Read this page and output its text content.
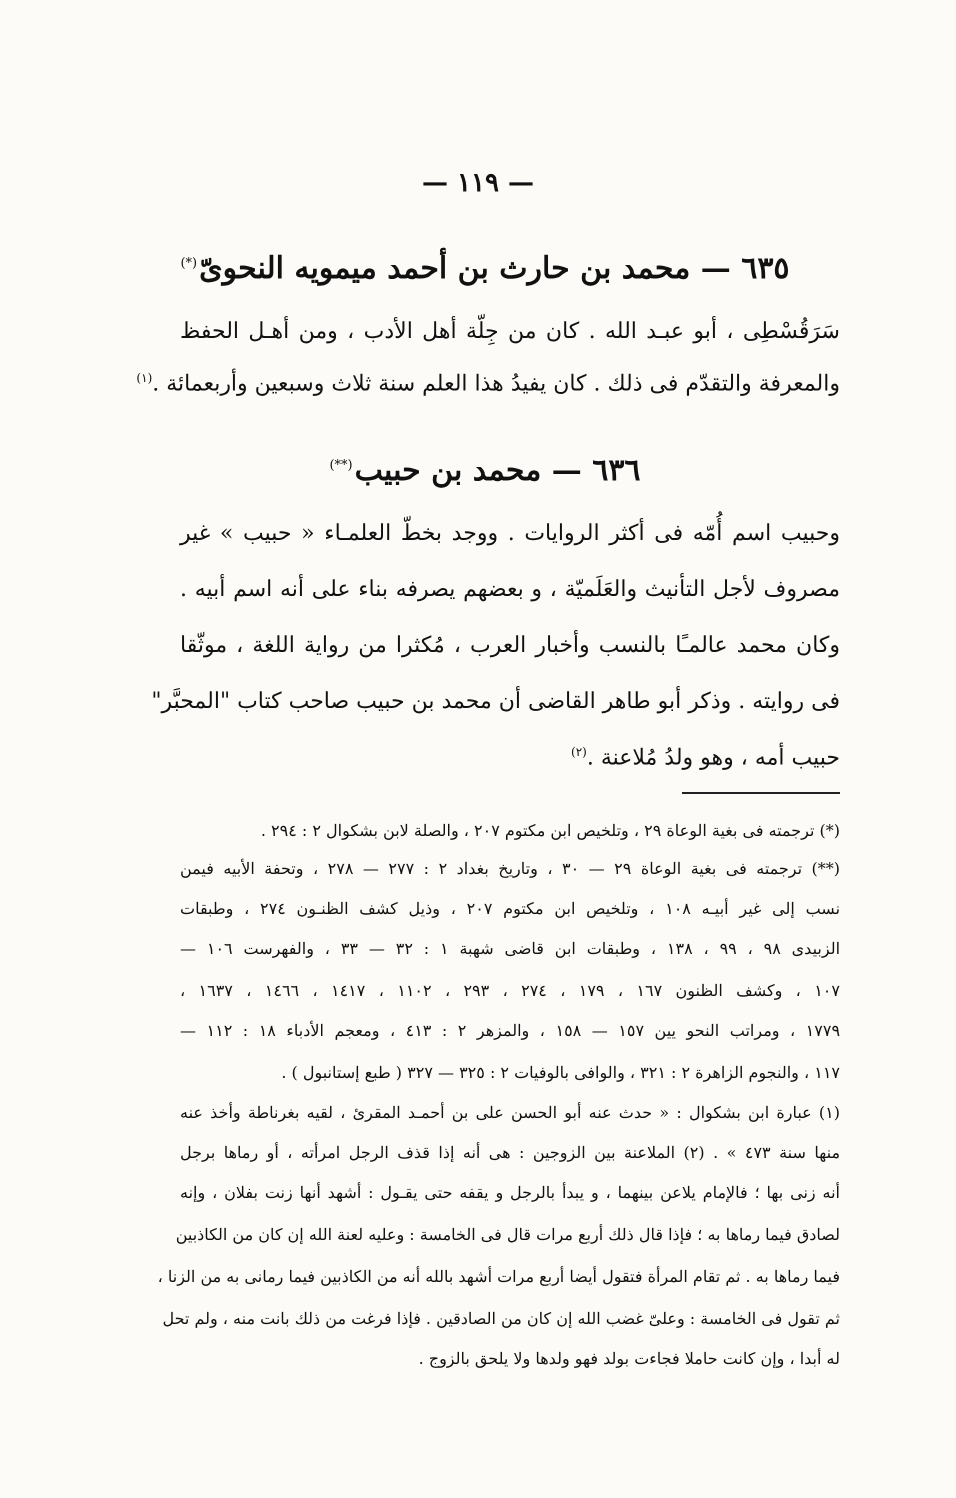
— ١١٩ —
٦٣٥ — محمد بن حارث بن أحمد ميمويه النحوىّ(*)
سَرَقُسْطِى ، أبو عبـد الله . كان من جِلّة أهل الأدب ، ومن أهـل الحفظ
والمعرفة والتقدّم فى ذلك . كان يفيدُ هذا العلم سنة ثلاث وسبعين وأربعمائة .$^{(١)}$
٦٣٦ — محمد بن حبيب(**)
وحبيب اسم أُمّه فى أكثر الروايات . ووجد بخطّ العلمـاء « حبيب » غير
مصروف لأجل التأنيث والعَلَميّة ، و بعضهم يصرفه بناء على أنه اسم أبيه .
وكان محمد عالمـًا بالنسب وأخبار العرب ، مُكثرا من رواية اللغة ، موثّقا
فى روايته . وذكر أبو طاهر القاضى أن محمد بن حبيب صاحب كتاب "المحبَّر"
حبيب أمه ، وهو ولدُ مُلاعنة .$^{(٢)}$
(*) ترجمته فى بغية الوعاة ٢٩ ، وتلخيص ابن مكتوم ٢٠٧ ، والصلة لابن بشكوال ٢ : ٢٩٤ .
(**) ترجمته فى بغية الوعاة ٢٩ — ٣٠ ، وتاريخ بغداد ٢ : ٢٧٧ — ٢٧٨ ، وتحفة الأبيه فيمن
نسب إلى غير أبيـه ١٠٨ ، وتلخيص ابن مكتوم ٢٠٧ ، وذيل كشف الظنـون ٢٧٤ ، وطبقات
الزبيدى ٩٨ ، ٩٩ ، ١٣٨ ، وطبقات ابن قاضى شهبة ١ : ٣٢ — ٣٣ ، والفهرست ١٠٦ —
١٠٧ ، وكشف الظنون ١٦٧ ، ١٧٩ ، ٢٧٤ ، ٢٩٣ ، ١١٠٢ ، ١٤١٧ ، ١٤٦٦ ، ١٦٣٧ ،
١٧٧٩ ، ومراتب النحو يين ١٥٧ — ١٥٨ ، والمزهر ٢ : ٤١٣ ، ومعجم الأدباء ١٨ : ١١٢ —
١١٧ ، والنجوم الزاهرة ٢ : ٣٢١ ، والوافى بالوفيات ٢ : ٣٢٥ — ٣٢٧ ( طبع إستانبول ) .
(١) عبارة ابن بشكوال : « حدث عنه أبو الحسن على بن أحمـد المقرئ ، لقيه بغرناطة وأخذ عنه
منها سنة ٤٧٣ » . (٢) الملاعنة بين الزوجين : هى أنه إذا قذف الرجل امرأته ، أو رماها برجل
أنه زنى بها ؛ فالإمام يلاعن بينهما ، و يبدأ بالرجل و يقفه حتى يقـول : أشهد أنها زنت بفلان ، وإنه
لصادق فيما رماها به ؛ فإذا قال ذلك أربع مرات قال فى الخامسة : وعليه لعنة الله إن كان من الكاذبين
فيما رماها به . ثم تقام المرأة فتقول أيضا أربع مرات أشهد بالله أنه من الكاذبين فيما رمانى به من الزنا ،
ثم تقول فى الخامسة : وعلىّ غضب الله إن كان من الصادقين . فإذا فرغت من ذلك بانت منه ، ولم تحل
له أبدا ، وإن كانت حاملا فجاءت بولد فهو ولدها ولا يلحق بالزوج .
